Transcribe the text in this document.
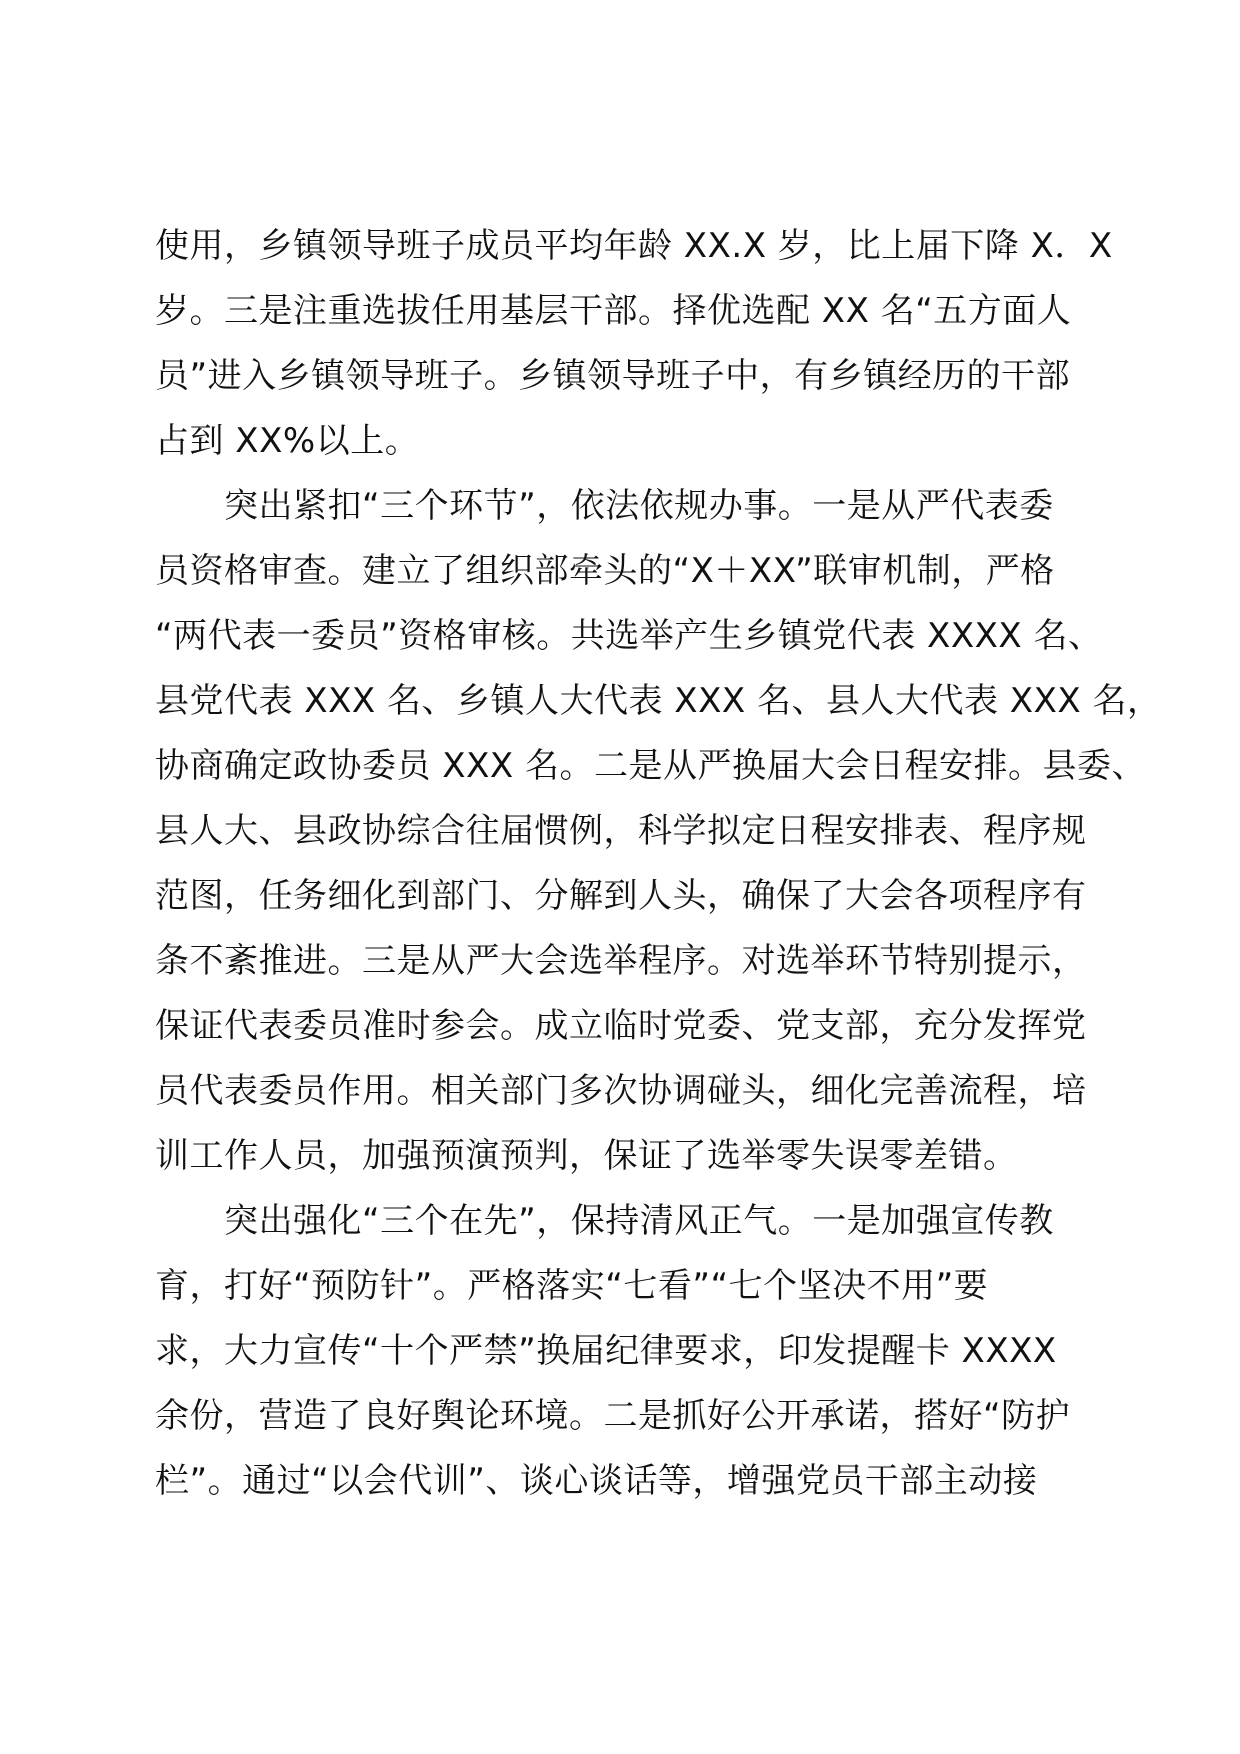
使用，乡镇领导班子成员平均年龄 XX.X 岁，比上届下降 X．X
岁。三是注重选拔任用基层干部。择优选配 XX 名“五方面人
员”进入乡镇领导班子。乡镇领导班子中，有乡镇经历的干部
占到 XX%以上。
　　突出紧扣“三个环节”，依法依规办事。一是从严代表委
员资格审查。建立了组织部牵头的“X＋XX”联审机制，严格
“两代表一委员”资格审核。共选举产生乡镇党代表 XXXX 名、
县党代表 XXX 名、乡镇人大代表 XXX 名、县人大代表 XXX 名，
协商确定政协委员 XXX 名。二是从严换届大会日程安排。县委、
县人大、县政协综合往届惯例，科学拟定日程安排表、程序规
范图，任务细化到部门、分解到人头，确保了大会各项程序有
条不紊推进。三是从严大会选举程序。对选举环节特别提示，
保证代表委员准时参会。成立临时党委、党支部，充分发挥党
员代表委员作用。相关部门多次协调碰头，细化完善流程，培
训工作人员，加强预演预判，保证了选举零失误零差错。
　　突出强化“三个在先”，保持清风正气。一是加强宣传教
育，打好“预防针”。严格落实“七看”“七个坚决不用”要
求，大力宣传“十个严禁”换届纪律要求，印发提醒卡 XXXX
余份，营造了良好舆论环境。二是抓好公开承诺，搭好“防护
栏”。通过“以会代训”、谈心谈话等，增强党员干部主动接
